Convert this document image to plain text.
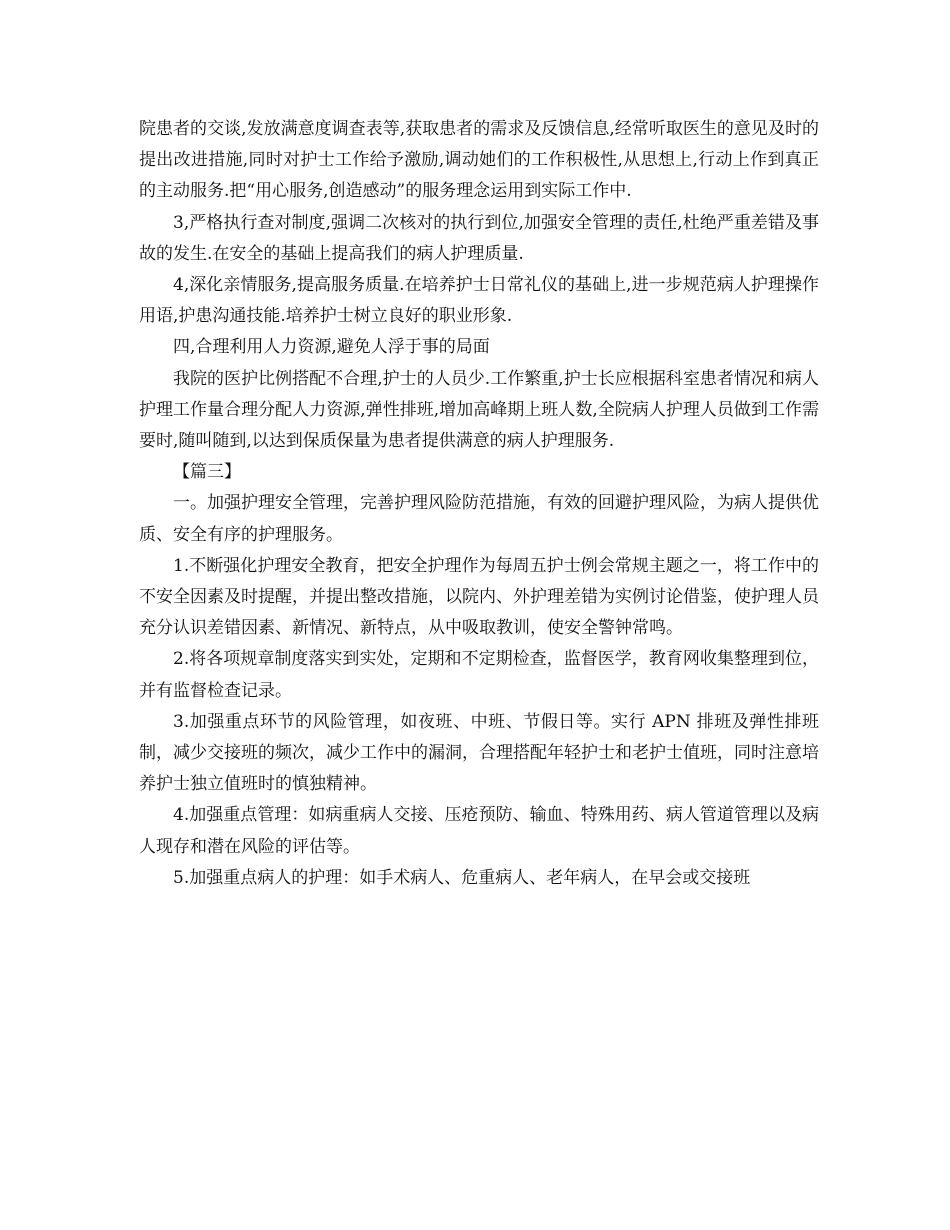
院患者的交谈,发放满意度调查表等,获取患者的需求及反馈信息,经常听取医生的意见及时的提出改进措施,同时对护士工作给予激励,调动她们的工作积极性,从思想上,行动上作到真正的主动服务.把“用心服务,创造感动”的服务理念运用到实际工作中.

3,严格执行查对制度,强调二次核对的执行到位,加强安全管理的责任,杜绝严重差错及事故的发生.在安全的基础上提高我们的病人护理质量.

4,深化亲情服务,提高服务质量.在培养护士日常礼仪的基础上,进一步规范病人护理操作用语,护患沟通技能.培养护士树立良好的职业形象.

四,合理利用人力资源,避免人浮于事的局面

我院的医护比例搭配不合理,护士的人员少.工作繁重,护士长应根据科室患者情况和病人护理工作量合理分配人力资源,弹性排班,增加高峰期上班人数,全院病人护理人员做到工作需要时,随叫随到,以达到保质保量为患者提供满意的病人护理服务.

【篇三】

一。加强护理安全管理，完善护理风险防范措施，有效的回避护理风险，为病人提供优质、安全有序的护理服务。

1.不断强化护理安全教育，把安全护理作为每周五护士例会常规主题之一，将工作中的不安全因素及时提醒，并提出整改措施，以院内、外护理差错为实例讨论借鉴，使护理人员充分认识差错因素、新情况、新特点，从中吸取教训，使安全警钟常鸣。

2.将各项规章制度落实到实处，定期和不定期检查，监督医学，教育网收集整理到位，并有监督检查记录。

3.加强重点环节的风险管理，如夜班、中班、节假日等。实行 APN 排班及弹性排班制，减少交接班的频次，减少工作中的漏洞，合理搭配年轻护士和老护士值班，同时注意培养护士独立值班时的慎独精神。

4.加强重点管理：如病重病人交接、压疮预防、输血、特殊用药、病人管道管理以及病人现存和潜在风险的评估等。

5.加强重点病人的护理：如手术病人、危重病人、老年病人，在早会或交接班
